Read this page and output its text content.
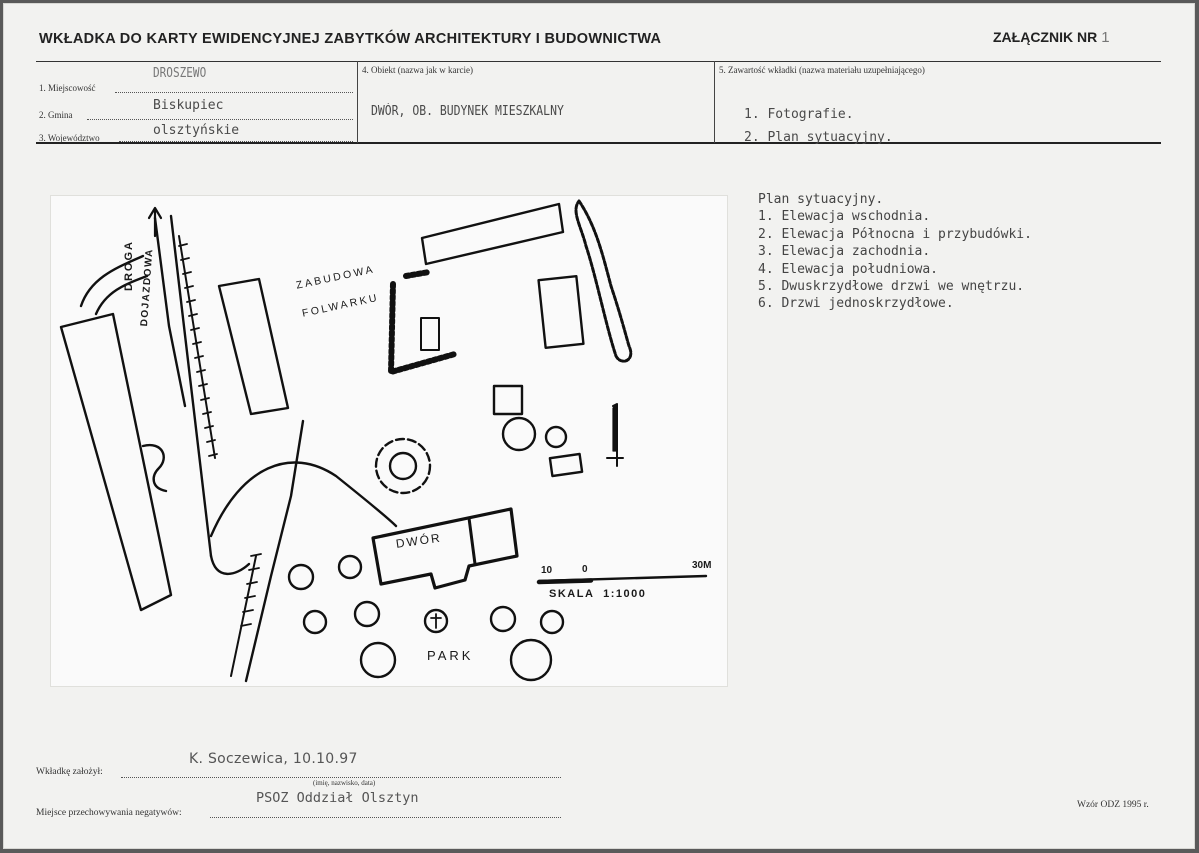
WKŁADKA DO KARTY EWIDENCYJNEJ ZABYTKÓW ARCHITEKTURY I BUDOWNICTWA	ZAŁĄCZNIK NR 1
1. Miejscowość
DROSZEWO
2. Gmina
Biskupiec
3. Województwo	olsztyńskie
4. Obiekt (nazwa jak w karcie)
DWÓR, OB. BUDYNEK MIESZKALNY
5. Zawartość wkładki (nazwa materiału uzupełniającego)
1. Fotografie.
2. Plan sytuacyjny.
DROGA DOJAZDOWA	ZABUDOWA
FOLWARKU
DWÓR
PARK
10	0	30M
SKALA  1:1000
Plan sytuacyjny.
1. Elewacja wschodnia.
2. Elewacja Północna i przybudówki.
3. Elewacja zachodnia.
4. Elewacja południowa.
5. Dwuskrzydłowe drzwi we wnętrzu.
6. Drzwi jednoskrzydłowe.
Wkładkę założył:
K. Soczewica, 10.10.97
(imię, nazwisko, data)
Miejsce przechowywania negatywów:
PSOZ Oddział Olsztyn	Wzór ODZ 1995 r.
